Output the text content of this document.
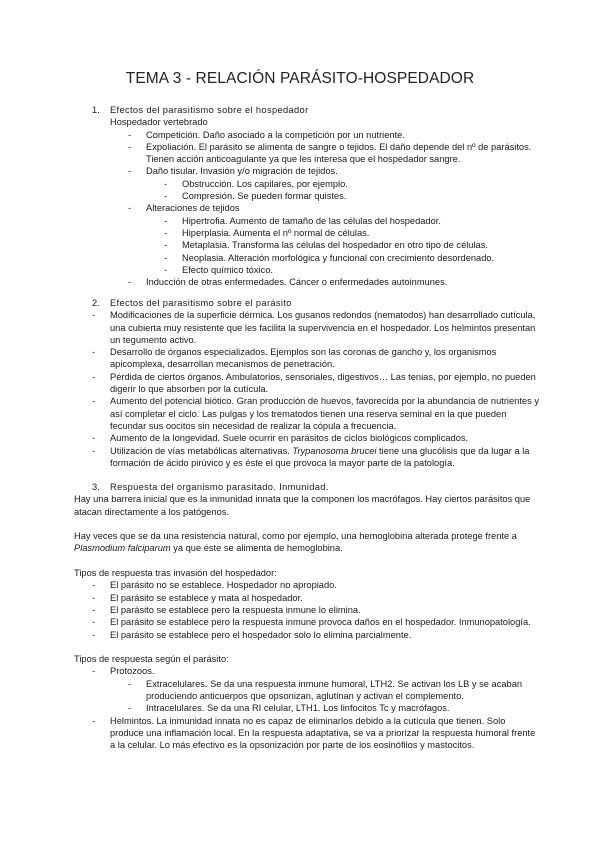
TEMA 3 - RELACIÓN PARÁSITO-HOSPEDADOR
1. Efectos del parasitismo sobre el hospedador
Hospedador vertebrado
- Competición. Daño asociado a la competición por un nutriente.
- Expoliación. El parásito se alimenta de sangre o tejidos. El daño depende del nº de parásitos.
Tienen acción anticoagulante ya que les interesa que el hospedador sangre.
- Daño tisular. Invasión y/o migración de tejidos.
- Obstrucción. Los capilares, por ejemplo.
- Compresión. Se pueden formar quistes.
- Alteraciones de tejidos
- Hipertrofia. Aumento de tamaño de las células del hospedador.
- Hiperplasia. Aumenta el nº normal de células.
- Metaplasia. Transforma las células del hospedador en otro tipo de células.
- Neoplasia. Alteración morfológica y funcional con crecimiento desordenado.
- Efecto químico tóxico.
- Inducción de otras enfermedades. Cáncer o enfermedades autoinmunes.
2. Efectos del parasitismo sobre el parásito
- Modificaciones de la superficie dérmica. Los gusanos redondos (nematodos) han desarrollado cutícula,
una cubierta muy resistente que les facilita la supervivencia en el hospedador. Los helmintos presentan
un tegumento activo.
- Desarrollo de órganos especializados. Ejemplos son las coronas de gancho y, los organismos
apicomplexa, desarrollan mecanismos de penetración.
- Pérdida de ciertos órganos. Ambulatorios, sensoriales, digestivos… Las tenias, por ejemplo, no pueden
digerir lo que absorben por la cutícula.
- Aumento del potencial biótico. Gran producción de huevos, favorecida por la abundancia de nutrientes y
así completar el ciclo. Las pulgas y los trematodos tienen una reserva seminal en la que pueden
fecundar sus oocitos sin necesidad de realizar la cópula a frecuencia.
- Aumento de la longevidad. Suele ocurrir en parásitos de ciclos biológicos complicados.
- Utilización de vías metabólicas alternativas. Trypanosoma brucei tiene una glucólisis que da lugar a la
formación de ácido pirúvico y es éste el que provoca la mayor parte de la patología.
3. Respuesta del organismo parasitado. Inmunidad.
Hay una barrera inicial que es la inmunidad innata que la componen los macrófagos. Hay ciertos parásitos que
atacan directamente a los patógenos.
Hay veces que se da una resistencia natural, como por ejemplo, una hemoglobina alterada protege frente a
Plasmodium falciparum ya que éste se alimenta de hemoglobina.
Tipos de respuesta tras invasión del hospedador:
- El parásito no se establece. Hospedador no apropiado.
- El parásito se establece y mata al hospedador.
- El parásito se establece pero la respuesta inmune lo elimina.
- El parásito se establece pero la respuesta inmune provoca daños en el hospedador. Inmunopatología.
- El parásito se establece pero el hospedador solo lo elimina parcialmente.
Tipos de respuesta según el parásito:
- Protozoos.
- Extracelulares. Se da una respuesta inmune humoral, LTH2. Se activan los LB y se acaban
produciendo anticuerpos que opsonizan, aglutinan y activan el complemento.
- Intracelulares. Se da una RI celular, LTH1. Los linfocitos Tc y macrófagos.
- Helmintos. La inmunidad innata no es capaz de eliminarlos debido a la cutícula que tienen. Solo
produce una inflamación local. En la respuesta adaptativa, se va a priorizar la respuesta humoral frente
a la celular. Lo más efectivo es la opsonización por parte de los eosinófilos y mastocitos.
